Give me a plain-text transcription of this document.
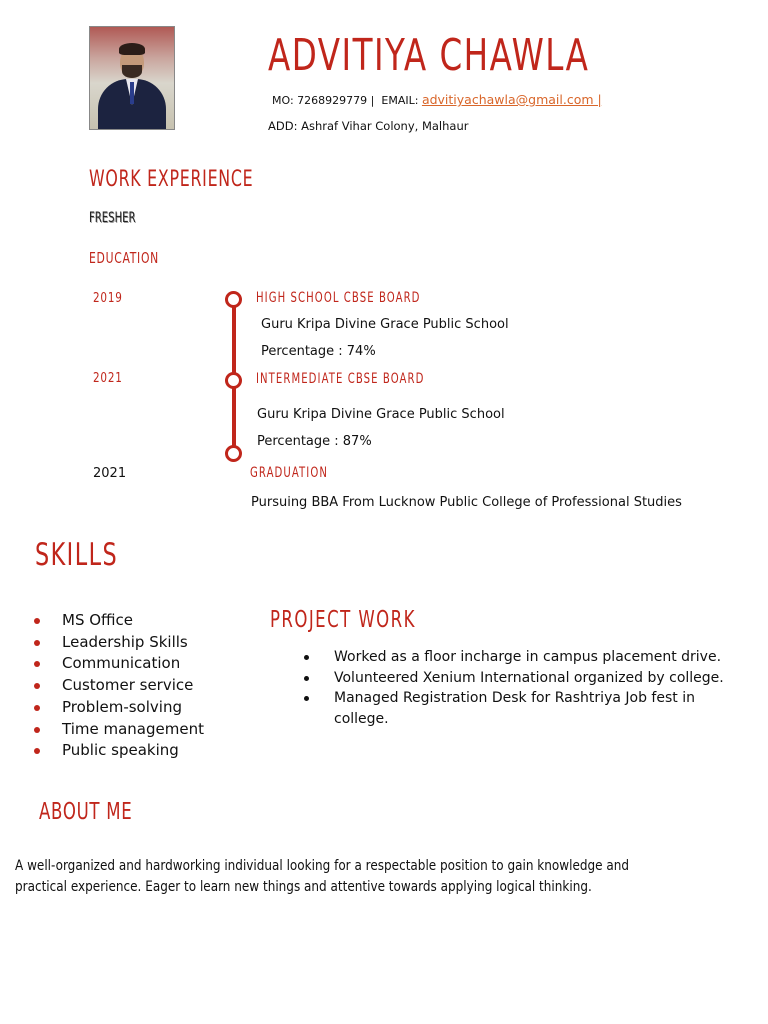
ADVITIYA CHAWLA
MO: 7268929779 | EMAIL: advitiyachawla@gmail.com |
ADD: Ashraf Vihar Colony, Malhaur
WORK EXPERIENCE
FRESHER
EDUCATION
2019	HIGH SCHOOL CBSE BOARD
Guru Kripa Divine Grace Public School
Percentage : 74%
2021	INTERMEDIATE CBSE BOARD
Guru Kripa Divine Grace Public School
Percentage : 87%
2021	GRADUATION
Pursuing BBA From Lucknow Public College of Professional Studies
SKILLS
MS Office
Leadership Skills
Communication
Customer service
Problem-solving
Time management
Public speaking
PROJECT WORK
Worked as a floor incharge in campus placement drive.
Volunteered Xenium International organized by college.
Managed Registration Desk for Rashtriya Job fest in college.
ABOUT ME
A well-organized and hardworking individual looking for a respectable position to gain knowledge and practical experience. Eager to learn new things and attentive towards applying logical thinking.
